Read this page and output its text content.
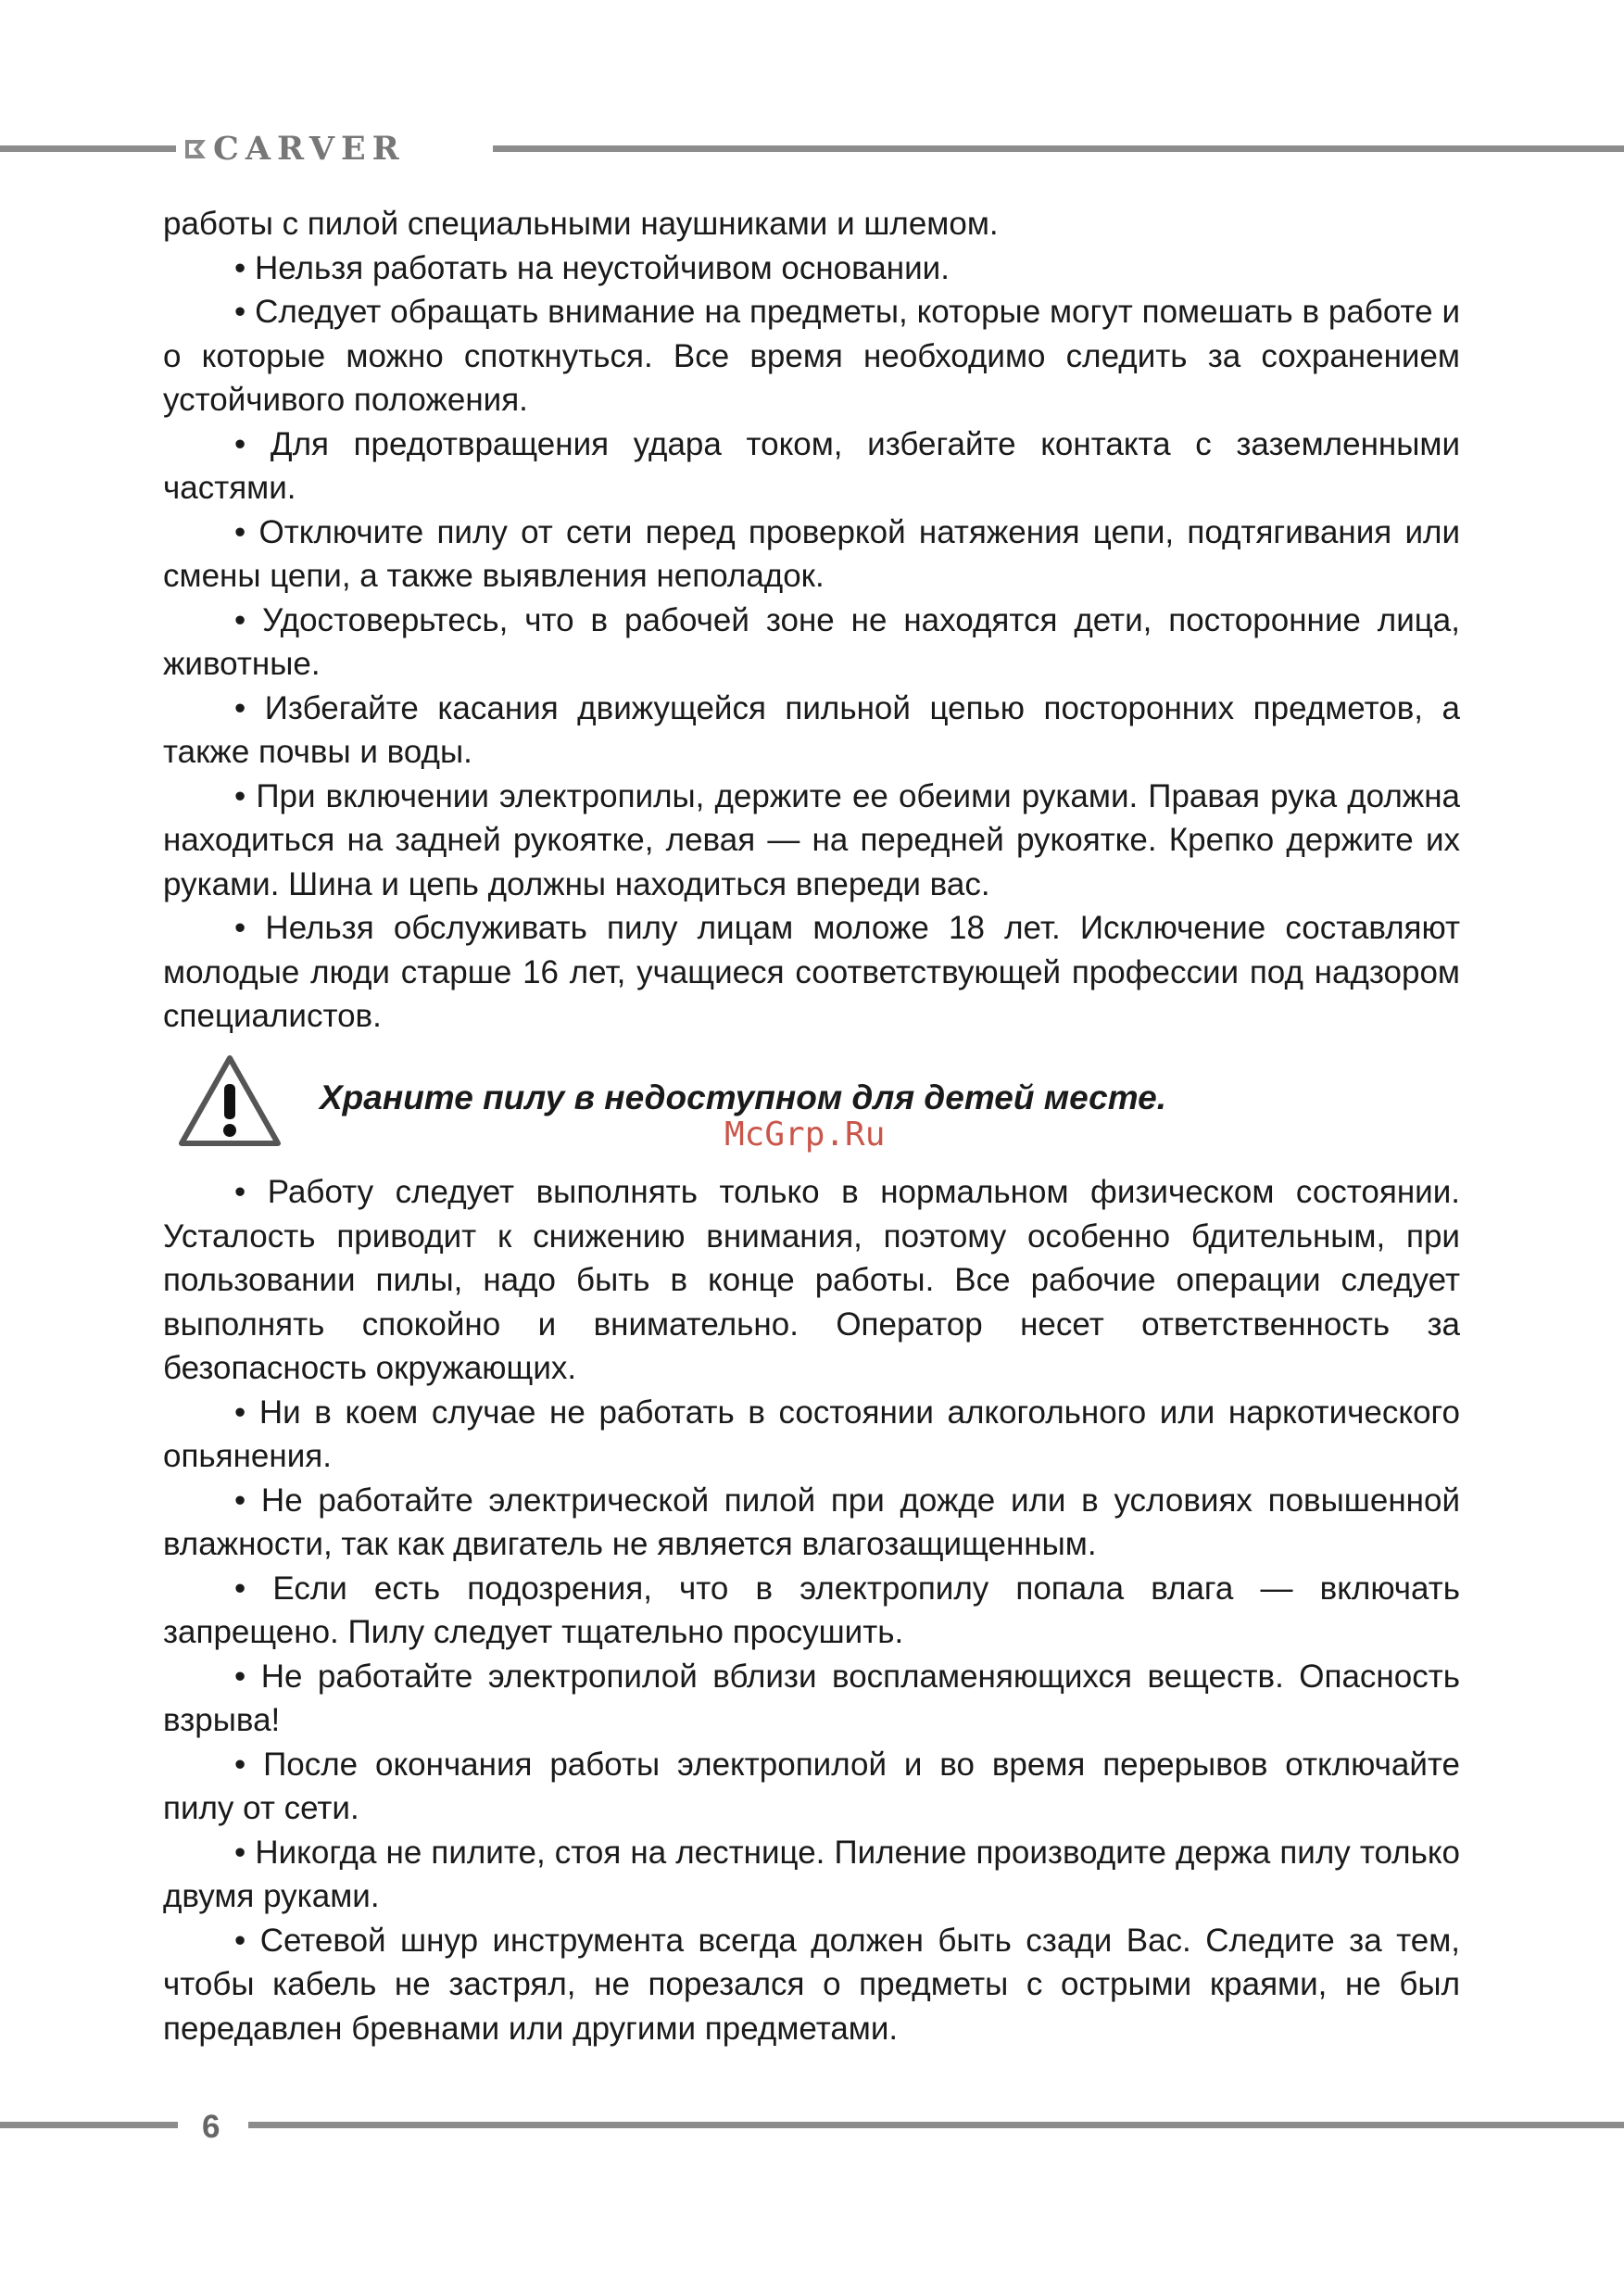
CARVER

работы с пилой специальными наушниками и шлемом.

• Нельзя работать на неустойчивом основании.

• Следует обращать внимание на предметы, которые могут помешать в работе и о которые можно споткнуться. Все время необходимо следить за сохранением устойчивого положения.

• Для предотвращения удара током, избегайте контакта с заземленными частями.

• Отключите пилу от сети перед проверкой натяжения цепи, подтягивания или смены цепи, а также выявления неполадок.

• Удостоверьтесь, что в рабочей зоне не находятся дети, посторонние лица, животные.

• Избегайте касания движущейся пильной цепью посторонних предметов, а также почвы и воды.

• При включении электропилы, держите ее обеими руками. Правая рука должна находиться на задней рукоятке, левая — на передней рукоятке. Крепко держите их руками. Шина и цепь должны находиться впереди вас.

• Нельзя обслуживать пилу лицам моложе 18 лет. Исключение составляют молодые люди старше 16 лет, учащиеся соответствующей профессии под надзором специалистов.

Храните пилу в недоступном для детей месте.
McGrp.Ru

• Работу следует выполнять только в нормальном физическом состоянии. Усталость приводит к снижению внимания, поэтому особенно бдительным, при пользовании пилы, надо быть в конце работы. Все рабочие операции следует выполнять спокойно и внимательно. Оператор несет ответственность за безопасность окружающих.

• Ни в коем случае не работать в состоянии алкогольного или наркотического опьянения.

• Не работайте электрической пилой при дожде или в условиях повышенной влажности, так как двигатель не является влагозащищенным.

• Если есть подозрения, что в электропилу попала влага — включать запрещено. Пилу следует тщательно просушить.

• Не работайте электропилой вблизи воспламеняющихся веществ. Опасность взрыва!

• После окончания работы электропилой и во время перерывов отключайте пилу от сети.

• Никогда не пилите, стоя на лестнице. Пиление производите держа пилу только двумя руками.

• Сетевой шнур инструмента всегда должен быть сзади Вас. Следите за тем, чтобы кабель не застрял, не порезался о предметы с острыми краями, не был передавлен бревнами или другими предметами.

6
